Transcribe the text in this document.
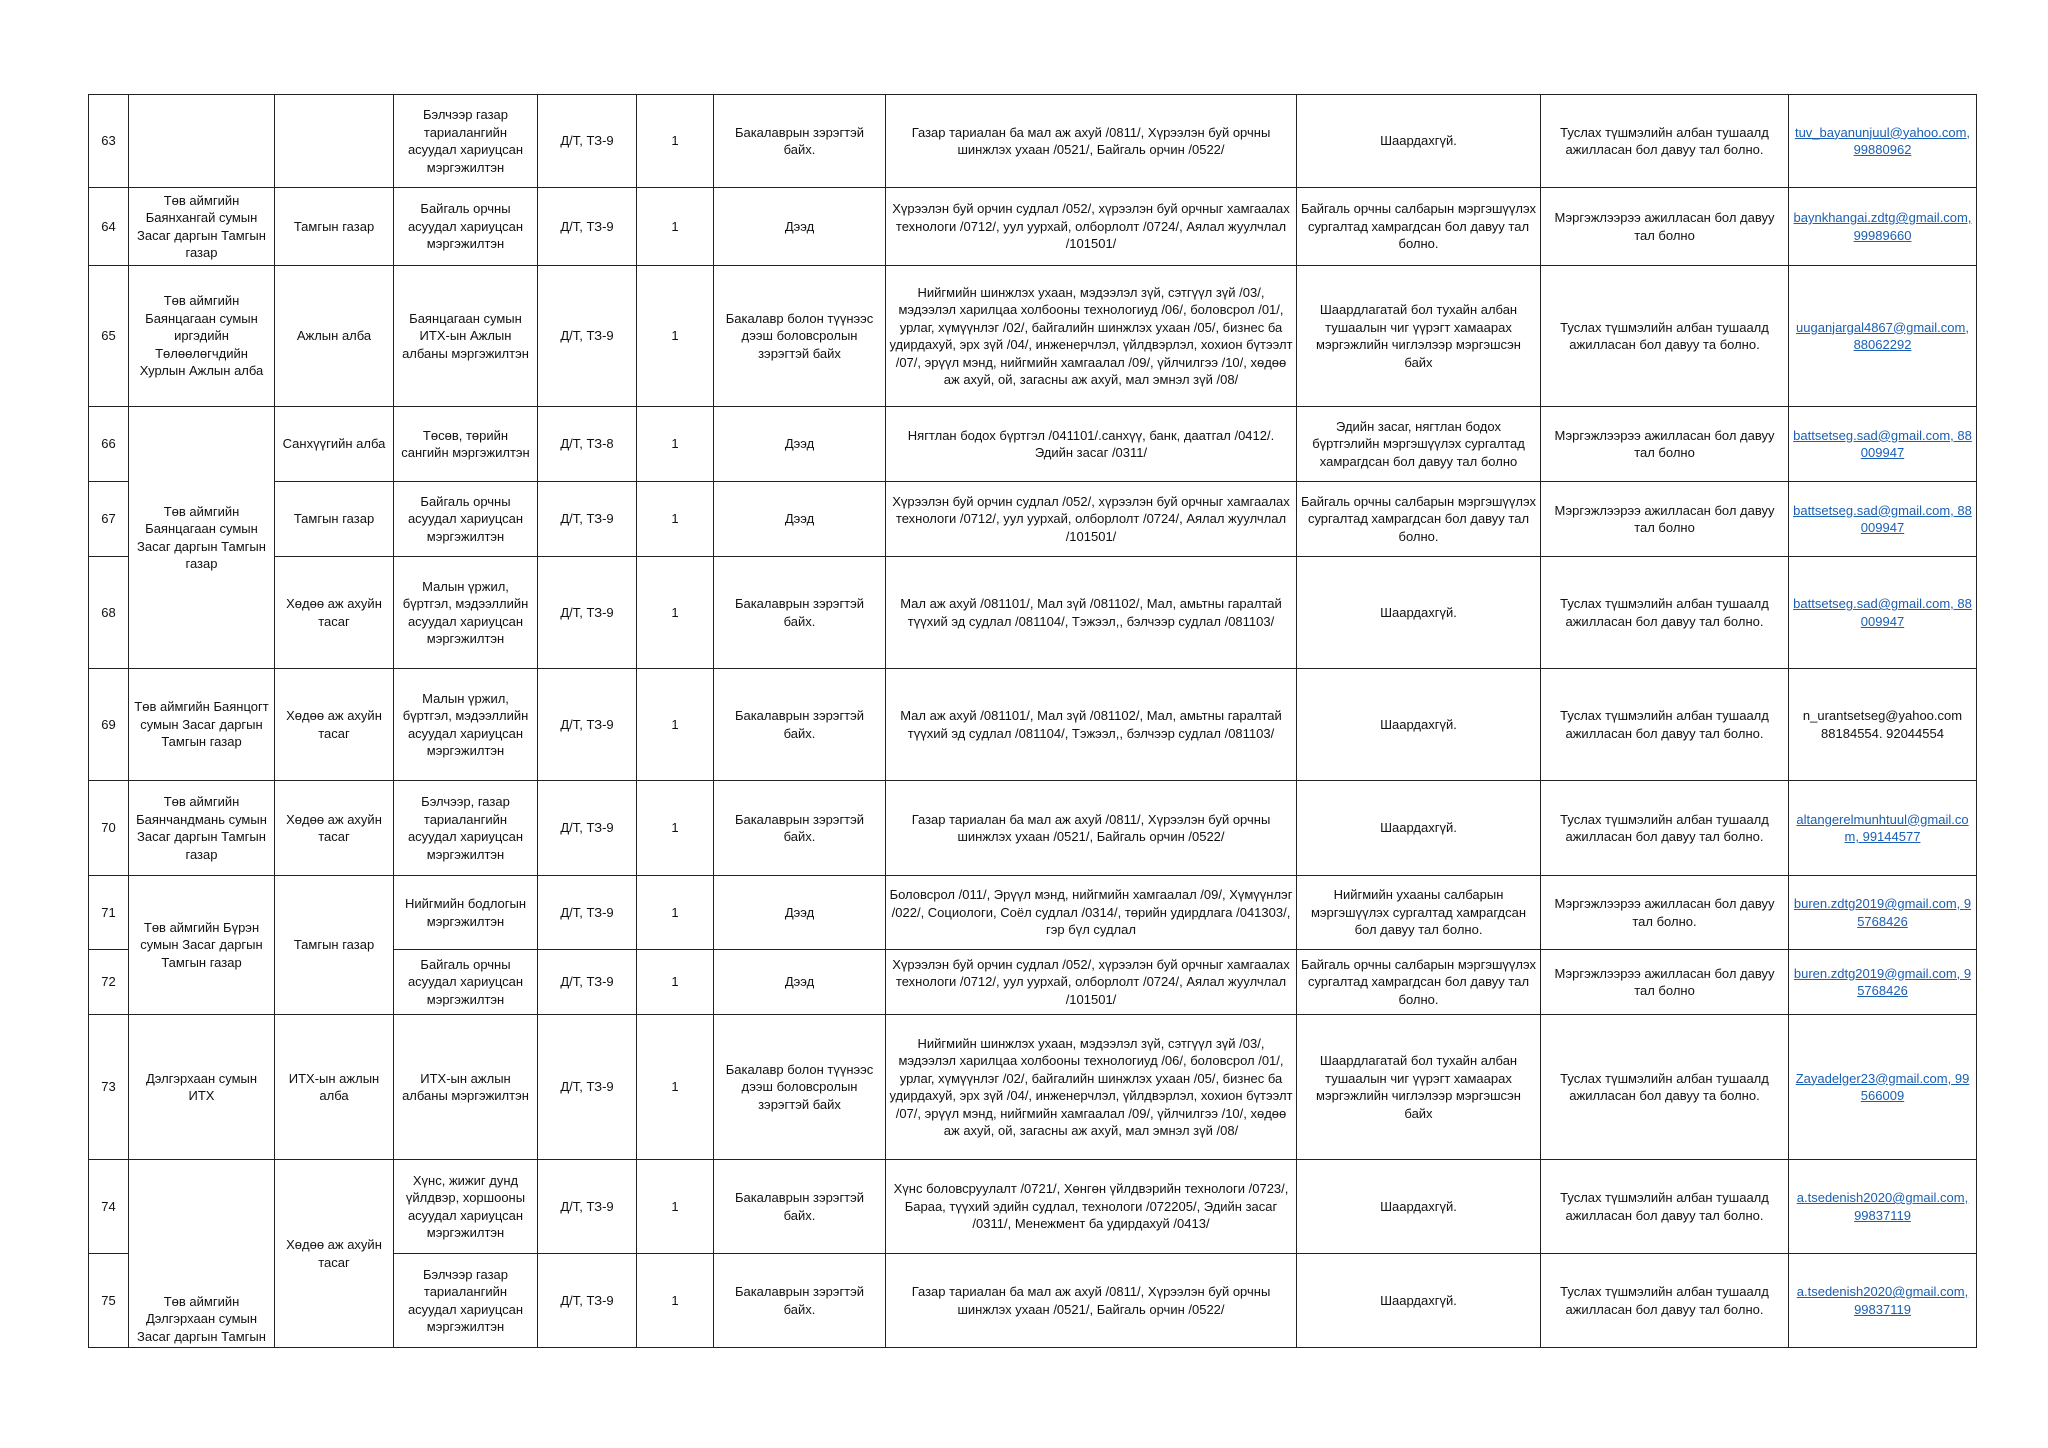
63			Бэлчээр газар тариалангийн асуудал хариуцсан мэргэжилтэн	Д/Т, ТЗ-9	1	Бакалаврын зэрэгтэй байх.	Газар тариалан ба мал аж ахуй /0811/, Хүрээлэн буй орчны шинжлэх ухаан /0521/, Байгаль орчин /0522/	Шаардахгүй.	Туслах түшмэлийн албан тушаалд ажилласан бол давуу тал болно.	tuv_bayanunjuul@yahoo.com, 99880962
64	Төв аймгийн Баянхангай сумын Засаг даргын Тамгын газар	Тамгын газар	Байгаль орчны асуудал хариуцсан мэргэжилтэн	Д/Т, ТЗ-9	1	Дээд	Хүрээлэн буй орчин судлал /052/, хүрээлэн буй орчныг хамгаалах технологи /0712/, уул уурхай, олборлолт /0724/, Аялал жуулчлал /101501/	Байгаль орчны салбарын мэргэшүүлэх сургалтад хамрагдсан бол давуу тал болно.	Мэргэжлээрээ ажилласан бол давуу тал болно	baynkhangai.zdtg@gmail.com, 99989660
65	Төв аймгийн Баянцагаан сумын иргэдийн Төлөөлөгчдийн Хурлын Ажлын алба	Ажлын алба	Баянцагаан сумын ИТХ-ын Ажлын албаны мэргэжилтэн	Д/Т, ТЗ-9	1	Бакалавр болон түүнээс дээш боловсролын зэрэгтэй байх	Нийгмийн шинжлэх ухаан, мэдээлэл зүй, сэтгүүл зүй /03/, мэдээлэл харилцаа холбооны технологиуд /06/, боловсрол /01/, урлаг, хүмүүнлэг /02/, байгалийн шинжлэх ухаан /05/, бизнес ба удирдахуй, эрх зүй /04/, инженерчлэл, үйлдвэрлэл, хохион бүтээлт /07/, эрүүл мэнд, нийгмийн хамгаалал /09/, үйлчилгээ /10/, хөдөө аж ахуй, ой, загасны аж ахуй, мал эмнэл зүй /08/	Шаардлагатай бол тухайн албан тушаалын чиг үүрэгт хамаарах мэргэжлийн чиглэлээр мэргэшсэн байх	Туслах түшмэлийн албан тушаалд ажилласан бол давуу та болно.	uuganjargal4867@gmail.com, 88062292
66	Төв аймгийн Баянцагаан сумын Засаг даргын Тамгын газар	Санхүүгийн алба	Төсөв, төрийн сангийн мэргэжилтэн	Д/Т, ТЗ-8	1	Дээд	Нягтлан бодох бүртгэл /041101/.санхүү, банк, даатгал /0412/. Эдийн засаг /0311/	Эдийн засаг, нягтлан бодох бүртгэлийн мэргэшүүлэх сургалтад хамрагдсан бол давуу тал болно	Мэргэжлээрээ ажилласан бол давуу тал болно	battsetseg.sad@gmail.com, 88009947
67		Тамгын газар	Байгаль орчны асуудал хариуцсан мэргэжилтэн	Д/Т, ТЗ-9	1	Дээд	Хүрээлэн буй орчин судлал /052/, хүрээлэн буй орчныг хамгаалах технологи /0712/, уул уурхай, олборлолт /0724/, Аялал жуулчлал /101501/	Байгаль орчны салбарын мэргэшүүлэх сургалтад хамрагдсан бол давуу тал болно.	Мэргэжлээрээ ажилласан бол давуу тал болно	battsetseg.sad@gmail.com, 88009947
68		Хөдөө аж ахуйн тасаг	Малын үржил, бүртгэл, мэдээллийн асуудал хариуцсан мэргэжилтэн	Д/Т, ТЗ-9	1	Бакалаврын зэрэгтэй байх.	Мал аж ахуй /081101/, Мал зүй /081102/, Мал, амьтны гаралтай түүхий эд судлал /081104/, Тэжээл,, бэлчээр судлал /081103/	Шаардахгүй.	Туслах түшмэлийн албан тушаалд ажилласан бол давуу тал болно.	battsetseg.sad@gmail.com, 88009947
69	Төв аймгийн Баянцогт сумын Засаг даргын Тамгын газар	Хөдөө аж ахуйн тасаг	Малын үржил, бүртгэл, мэдээллийн асуудал хариуцсан мэргэжилтэн	Д/Т, ТЗ-9	1	Бакалаврын зэрэгтэй байх.	Мал аж ахуй /081101/, Мал зүй /081102/, Мал, амьтны гаралтай түүхий эд судлал /081104/, Тэжээл,, бэлчээр судлал /081103/	Шаардахгүй.	Туслах түшмэлийн албан тушаалд ажилласан бол давуу тал болно.	n_urantsetseg@yahoo.com 88184554. 92044554
70	Төв аймгийн Баянчандмань сумын Засаг даргын Тамгын газар	Хөдөө аж ахуйн тасаг	Бэлчээр, газар тариалангийн асуудал хариуцсан мэргэжилтэн	Д/Т, ТЗ-9	1	Бакалаврын зэрэгтэй байх.	Газар тариалан ба мал аж ахуй /0811/, Хүрээлэн буй орчны шинжлэх ухаан /0521/, Байгаль орчин /0522/	Шаардахгүй.	Туслах түшмэлийн албан тушаалд ажилласан бол давуу тал болно.	altangerelmunhtuul@gmail.com, 99144577
71	Төв аймгийн Бүрэн сумын Засаг даргын Тамгын газар	Тамгын газар	Нийгмийн бодлогын мэргэжилтэн	Д/Т, ТЗ-9	1	Дээд	Боловсрол /011/, Эрүүл мэнд, нийгмийн хамгаалал /09/, Хүмүүнлэг /022/, Социологи, Соёл судлал /0314/, төрийн удирдлага /041303/, гэр бүл судлал	Нийгмийн ухааны салбарын мэргэшүүлэх сургалтад хамрагдсан бол давуу тал болно.	Мэргэжлээрээ ажилласан бол давуу тал болно.	buren.zdtg2019@gmail.com, 95768426
72			Байгаль орчны асуудал хариуцсан мэргэжилтэн	Д/Т, ТЗ-9	1	Дээд	Хүрээлэн буй орчин судлал /052/, хүрээлэн буй орчныг хамгаалах технологи /0712/, уул уурхай, олборлолт /0724/, Аялал жуулчлал /101501/	Байгаль орчны салбарын мэргэшүүлэх сургалтад хамрагдсан бол давуу тал болно.	Мэргэжлээрээ ажилласан бол давуу тал болно	buren.zdtg2019@gmail.com, 95768426
73	Дэлгэрхаан сумын ИТХ	ИТХ-ын ажлын алба	ИТХ-ын ажлын албаны мэргэжилтэн	Д/Т, ТЗ-9	1	Бакалавр болон түүнээс дээш боловсролын зэрэгтэй байх	Нийгмийн шинжлэх ухаан, мэдээлэл зүй, сэтгүүл зүй /03/, мэдээлэл харилцаа холбооны технологиуд /06/, боловсрол /01/, урлаг, хүмүүнлэг /02/, байгалийн шинжлэх ухаан /05/, бизнес ба удирдахуй, эрх зүй /04/, инженерчлэл, үйлдвэрлэл, хохион бүтээлт /07/, эрүүл мэнд, нийгмийн хамгаалал /09/, үйлчилгээ /10/, хөдөө аж ахуй, ой, загасны аж ахуй, мал эмнэл зүй /08/	Шаардлагатай бол тухайн албан тушаалын чиг үүрэгт хамаарах мэргэжлийн чиглэлээр мэргэшсэн байх	Туслах түшмэлийн албан тушаалд ажилласан бол давуу та болно.	Zayadelger23@gmail.com, 99566009
74	Төв аймгийн Дэлгэрхаан сумын Засаг даргын Тамгын	Хөдөө аж ахуйн тасаг	Хүнс, жижиг дунд үйлдвэр, хоршооны асуудал хариуцсан мэргэжилтэн	Д/Т, ТЗ-9	1	Бакалаврын зэрэгтэй байх.	Хүнс боловсруулалт /0721/, Хөнгөн үйлдвэрийн технологи /0723/, Бараа, түүхий эдийн судлал, технологи /072205/, Эдийн засаг /0311/, Менежмент ба удирдахуй /0413/	Шаардахгүй.	Туслах түшмэлийн албан тушаалд ажилласан бол давуу тал болно.	a.tsedenish2020@gmail.com, 99837119
75			Бэлчээр газар тариалангийн асуудал хариуцсан мэргэжилтэн	Д/Т, ТЗ-9	1	Бакалаврын зэрэгтэй байх.	Газар тариалан ба мал аж ахуй /0811/, Хүрээлэн буй орчны шинжлэх ухаан /0521/, Байгаль орчин /0522/	Шаардахгүй.	Туслах түшмэлийн албан тушаалд ажилласан бол давуу тал болно.	a.tsedenish2020@gmail.com, 99837119
